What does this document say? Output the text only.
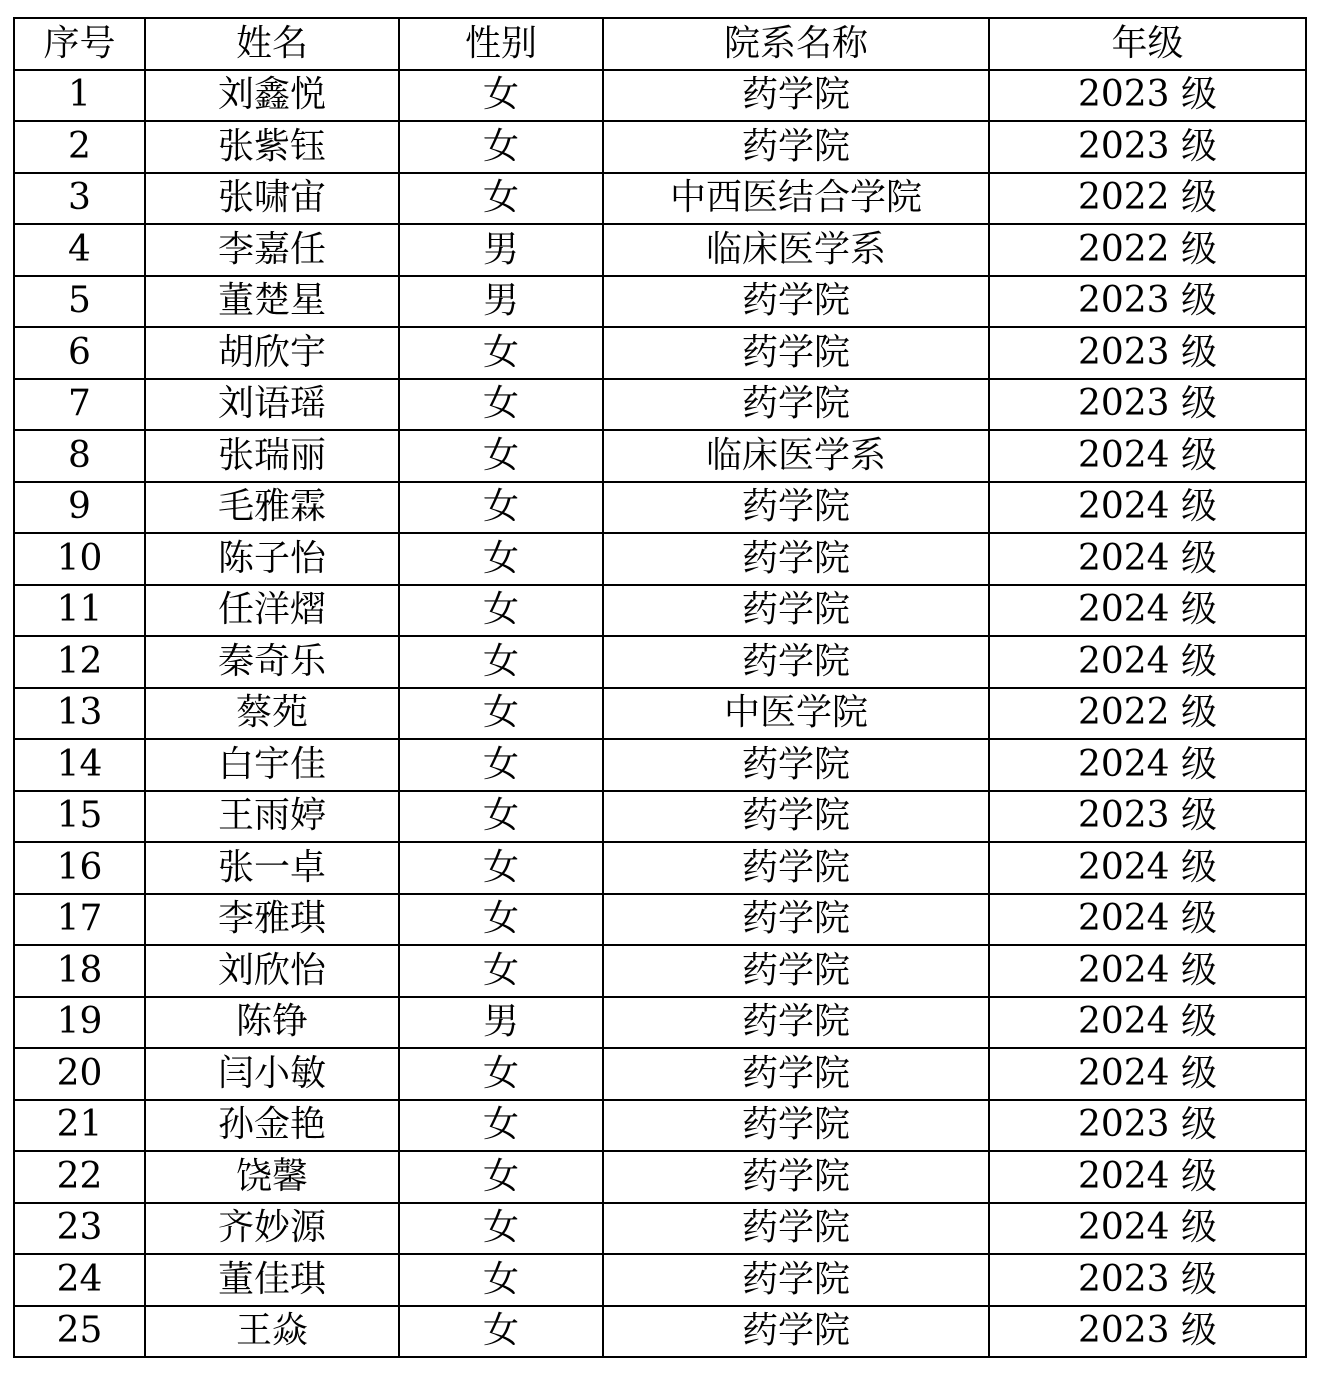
序号	姓名	性别	院系名称	年级
1	刘鑫悦	女	药学院	2023 级
2	张紫钰	女	药学院	2023 级
3	张啸宙	女	中西医结合学院	2022 级
4	李嘉任	男	临床医学系	2022 级
5	董楚星	男	药学院	2023 级
6	胡欣宇	女	药学院	2023 级
7	刘语瑶	女	药学院	2023 级
8	张瑞丽	女	临床医学系	2024 级
9	毛雅霖	女	药学院	2024 级
10	陈子怡	女	药学院	2024 级
11	任洋熠	女	药学院	2024 级
12	秦奇乐	女	药学院	2024 级
13	蔡苑	女	中医学院	2022 级
14	白宇佳	女	药学院	2024 级
15	王雨婷	女	药学院	2023 级
16	张一卓	女	药学院	2024 级
17	李雅琪	女	药学院	2024 级
18	刘欣怡	女	药学院	2024 级
19	陈铮	男	药学院	2024 级
20	闫小敏	女	药学院	2024 级
21	孙金艳	女	药学院	2023 级
22	饶馨	女	药学院	2024 级
23	齐妙源	女	药学院	2024 级
24	董佳琪	女	药学院	2023 级
25	王焱	女	药学院	2023 级
